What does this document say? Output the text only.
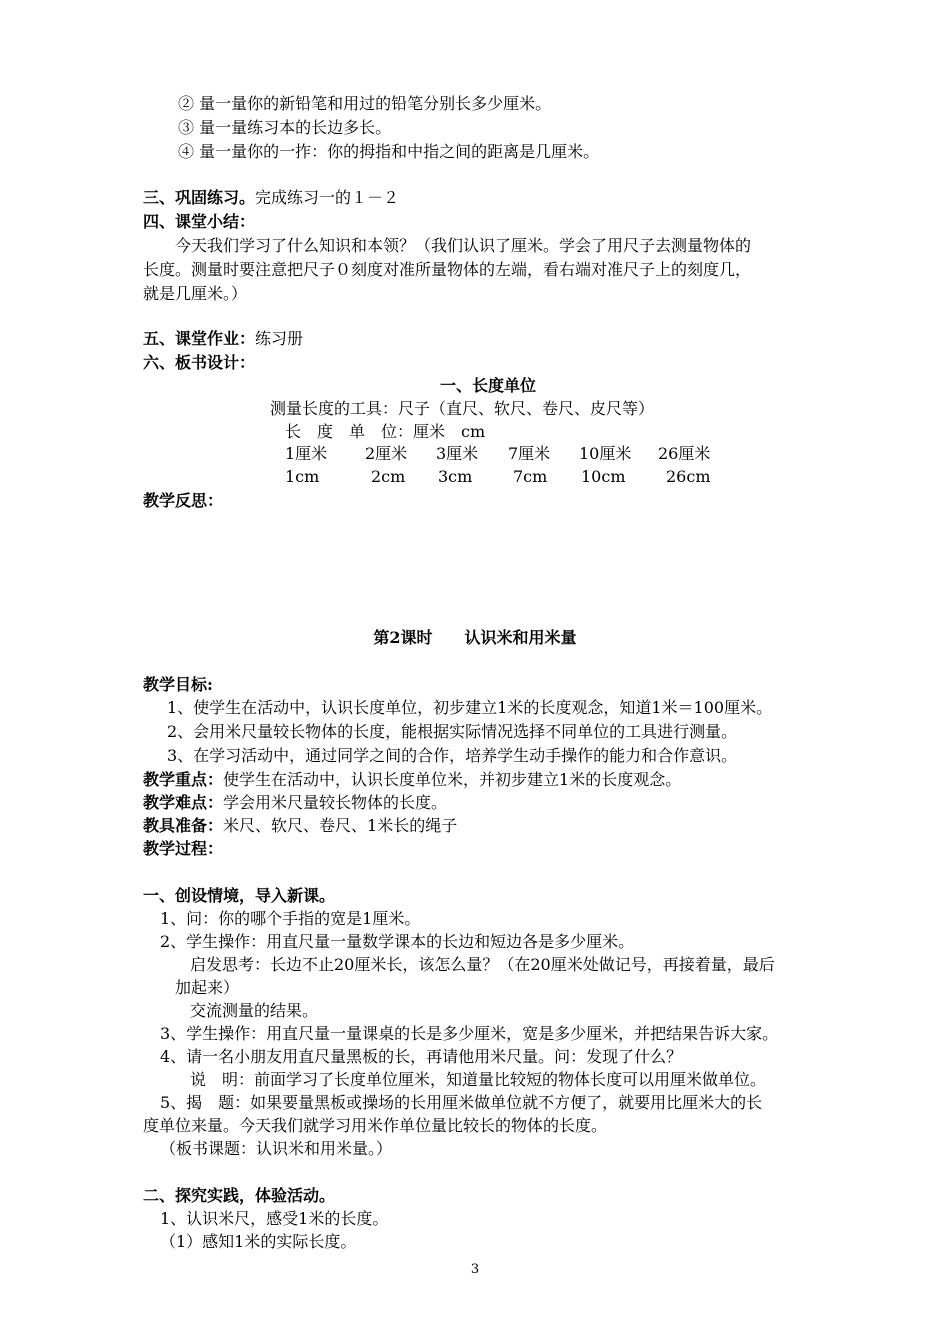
② 量一量你的新铅笔和用过的铅笔分别长多少厘米。
③ 量一量练习本的长边多长。
④ 量一量你的一拃：你的拇指和中指之间的距离是几厘米。
三、巩固练习。完成练习一的１－２
四、课堂小结：
今天我们学习了什么知识和本领？（我们认识了厘米。学会了用尺子去测量物体的
长度。测量时要注意把尺子０刻度对准所量物体的左端，看右端对准尺子上的刻度几，
就是几厘米。）
五、课堂作业：练习册
六、板书设计：
一、长度单位
测量长度的工具：尺子（直尺、软尺、卷尺、皮尺等）
长　度　单　位：厘米　cm
1厘米 2厘米 3厘米 7厘米 10厘米 26厘米
1cm	2cm 3cm	7cm 10cm	26cm
教学反思：
第2课时　　认识米和用米量
教学目标:
1、使学生在活动中，认识长度单位，初步建立1米的长度观念，知道1米＝100厘米。
2、会用米尺量较长物体的长度，能根据实际情况选择不同单位的工具进行测量。
3、在学习活动中，通过同学之间的合作，培养学生动手操作的能力和合作意识。
教学重点：使学生在活动中，认识长度单位米，并初步建立1米的长度观念。
教学难点：学会用米尺量较长物体的长度。
教具准备：米尺、软尺、卷尺、1米长的绳子
教学过程：
一、创设情境，导入新课。
1、问：你的哪个手指的宽是1厘米。
2、学生操作：用直尺量一量数学课本的长边和短边各是多少厘米。
启发思考：长边不止20厘米长，该怎么量？（在20厘米处做记号，再接着量，最后
加起来）
交流测量的结果。
3、学生操作：用直尺量一量课桌的长是多少厘米，宽是多少厘米，并把结果告诉大家。
4、请一名小朋友用直尺量黑板的长，再请他用米尺量。问：发现了什么？
说　明：前面学习了长度单位厘米，知道量比较短的物体长度可以用厘米做单位。
5、揭　题：如果要量黑板或操场的长用厘米做单位就不方便了，就要用比厘米大的长
度单位来量。今天我们就学习用米作单位量比较长的物体的长度。
（板书课题：认识米和用米量。）
二、探究实践，体验活动。
1、认识米尺，感受1米的长度。
（1）感知1米的实际长度。
3
